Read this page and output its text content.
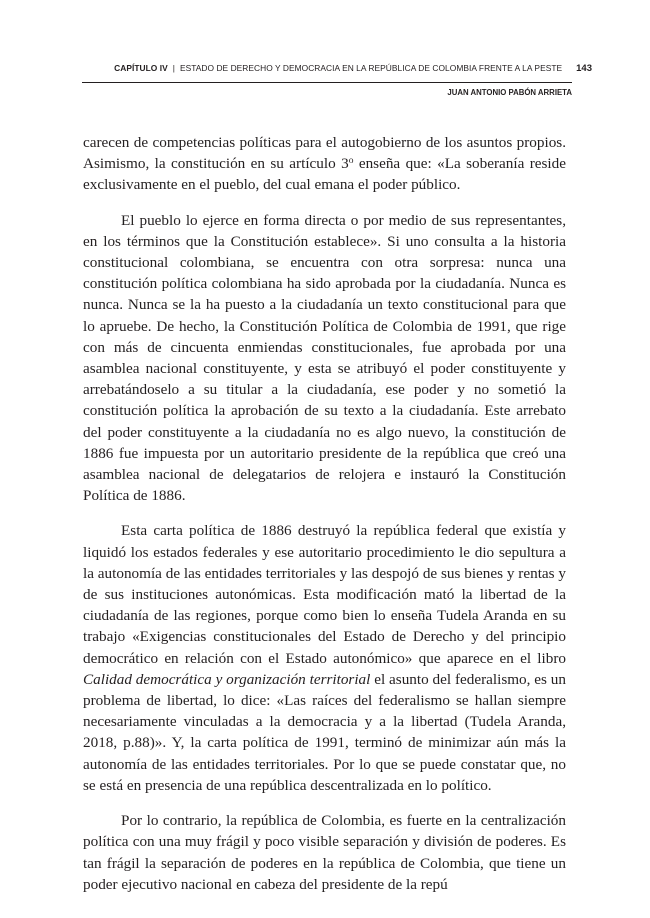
CAPÍTULO IV | ESTADO DE DERECHO Y DEMOCRACIA EN LA REPÚBLICA DE COLOMBIA FRENTE A LA PESTE 143
JUAN ANTONIO PABÓN ARRIETA

carecen de competencias políticas para el autogobierno de los asuntos propios. Asimismo, la constitución en su artículo 3$^o$ enseña que: «La soberanía reside exclusivamente en el pueblo, del cual emana el poder público.

El pueblo lo ejerce en forma directa o por medio de sus representantes, en los términos que la Constitución establece». Si uno consulta a la historia constitucional colombiana, se encuentra con otra sorpresa: nunca una constitución política colombiana ha sido aprobada por la ciudadanía. Nunca es nunca. Nunca se la ha puesto a la ciudadanía un texto constitucional para que lo apruebe. De hecho, la Constitución Política de Colombia de 1991, que rige con más de cincuenta enmiendas constitucionales, fue aprobada por una asamblea nacional constituyente, y esta se atribuyó el poder constituyente y arrebatándoselo a su titular a la ciudadanía, ese poder y no sometió la constitución política la aprobación de su texto a la ciudadanía. Este arrebato del poder constituyente a la ciudadanía no es algo nuevo, la constitución de 1886 fue impuesta por un autoritario presidente de la república que creó una asamblea nacional de delegatarios de relojera e instauró la Constitución Política de 1886.

Esta carta política de 1886 destruyó la república federal que existía y liquidó los estados federales y ese autoritario procedimiento le dio sepultura a la autonomía de las entidades territoriales y las despojó de sus bienes y rentas y de sus instituciones autonómicas. Esta modificación mató la libertad de la ciudadanía de las regiones, porque como bien lo enseña Tudela Aranda en su trabajo «Exigencias constitucionales del Estado de Derecho y del principio democrático en relación con el Estado autonómico» que aparece en el libro Calidad democrática y organización territorial el asunto del federalismo, es un problema de libertad, lo dice: «Las raíces del federalismo se hallan siempre necesariamente vinculadas a la democracia y a la libertad (Tudela Aranda, 2018, p.88)». Y, la carta política de 1991, terminó de minimizar aún más la autonomía de las entidades territoriales. Por lo que se puede constatar que, no se está en presencia de una república descentralizada en lo político.

Por lo contrario, la república de Colombia, es fuerte en la centralización política con una muy frágil y poco visible separación y división de poderes. Es tan frágil la separación de poderes en la república de Colombia, que tiene un poder ejecutivo nacional en cabeza del presidente de la repú
